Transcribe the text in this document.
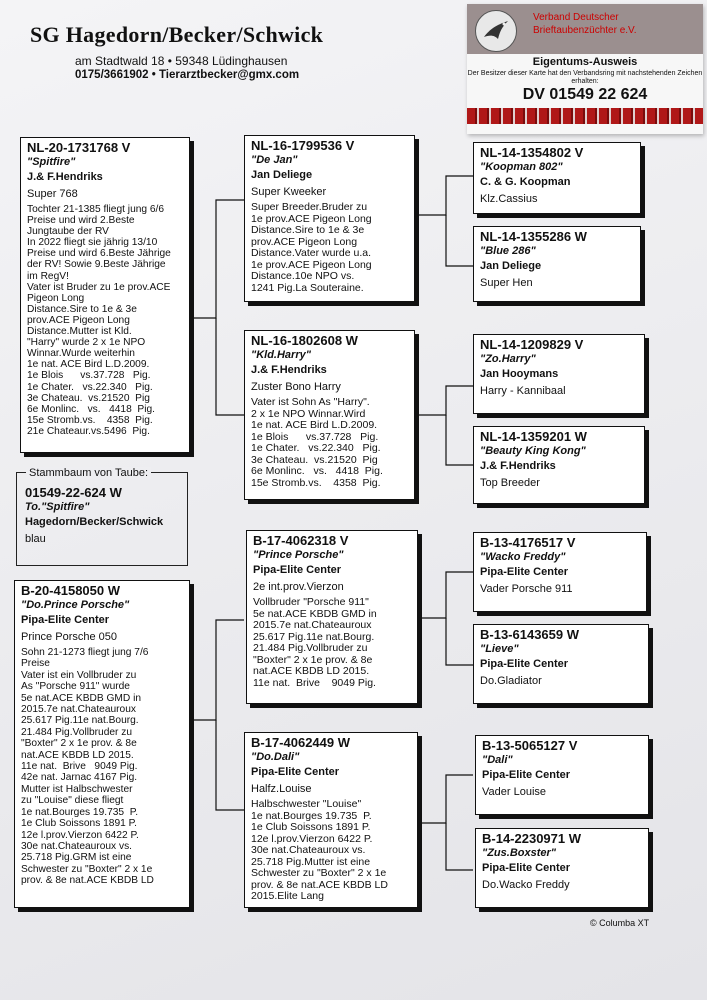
SG Hagedorn/Becker/Schwick
am Stadtwald 18 • 59348 Lüdinghausen
0175/3661902 • Tierarztbecker@gmx.com
Verband Deutscher Brieftaubenzüchter e.V.
Eigentums-Ausweis
Der Besitzer dieser Karte hat den Verbandsring mit nachstehenden Zeichen erhalten:
DV 01549 22 624
NL-20-1731768 V
"Spitfire"
J.& F.Hendriks
Super 768
Tochter 21-1385 fliegt jung 6/6
Preise und wird 2.Beste
Jungtaube der RV
In 2022 fliegt sie jährig 13/10
Preise und wird 6.Beste Jährige
der RV! Sowie 9.Beste Jährige
im RegV!
Vater ist Bruder zu 1e prov.ACE
Pigeon Long
Distance.Sire to 1e & 3e
prov.ACE Pigeon Long
Distance.Mutter ist Kld.
"Harry" wurde 2 x 1e NPO
Winnar.Wurde weiterhin
1e nat. ACE Bird L.D.2009.
1e Blois      vs.37.728   Pig.
1e Chater.   vs.22.340   Pig.
3e Chateau.  vs.21520  Pig
6e Monlinc.   vs.   4418  Pig.
15e Stromb.vs.    4358  Pig.
21e Chateaur.vs.5496  Pig.
01549-22-624 W
To."Spitfire"
Hagedorn/Becker/Schwick
blau
Stammbaum von Taube:
B-20-4158050 W
"Do.Prince Porsche"
Pipa-Elite Center
Prince Porsche 050
Sohn 21-1273 fliegt jung 7/6
Preise
Vater ist ein Vollbruder zu
As "Porsche 911" wurde
5e nat.ACE KBDB GMD in
2015.7e nat.Chateauroux
25.617 Pig.11e nat.Bourg.
21.484 Pig.Vollbruder zu
"Boxter" 2 x 1e prov. & 8e
nat.ACE KBDB LD 2015.
11e nat.  Brive   9049 Pig.
42e nat. Jarnac 4167 Pig.
Mutter ist Halbschwester
zu "Louise" diese fliegt
1e nat.Bourges 19.735  P.
1e Club Soissons 1891 P.
12e l.prov.Vierzon 6422 P.
30e nat.Chateauroux vs.
25.718 Pig.GRM ist eine
Schwester zu "Boxter" 2 x 1e
prov. & 8e nat.ACE KBDB LD
NL-16-1799536 V
"De Jan"
Jan Deliege
Super Kweeker
Super Breeder.Bruder zu
1e prov.ACE Pigeon Long
Distance.Sire to 1e & 3e
prov.ACE Pigeon Long
Distance.Vater wurde u.a.
1e prov.ACE Pigeon Long
Distance.10e NPO vs.
1241 Pig.La Souteraine.
NL-16-1802608 W
"Kld.Harry"
J.& F.Hendriks
Zuster Bono Harry
Vater ist Sohn As "Harry".
2 x 1e NPO Winnar.Wird
1e nat. ACE Bird L.D.2009.
1e Blois      vs.37.728   Pig.
1e Chater.   vs.22.340   Pig.
3e Chateau.  vs.21520  Pig
6e Monlinc.   vs.   4418  Pig.
15e Stromb.vs.    4358  Pig.
B-17-4062318 V
"Prince Porsche"
Pipa-Elite Center
2e int.prov.Vierzon
Vollbruder "Porsche 911"
5e nat.ACE KBDB GMD in
2015.7e nat.Chateauroux
25.617 Pig.11e nat.Bourg.
21.484 Pig.Vollbruder zu
"Boxter" 2 x 1e prov. & 8e
nat.ACE KBDB LD 2015.
11e nat.  Brive    9049 Pig.
B-17-4062449 W
"Do.Dali"
Pipa-Elite Center
Halfz.Louise
Halbschwester "Louise"
1e nat.Bourges 19.735  P.
1e Club Soissons 1891 P.
12e l.prov.Vierzon 6422 P.
30e nat.Chateauroux vs.
25.718 Pig.Mutter ist eine
Schwester zu "Boxter" 2 x 1e
prov. & 8e nat.ACE KBDB LD
2015.Elite Lang
NL-14-1354802 V
"Koopman 802"
C. & G. Koopman
Klz.Cassius
NL-14-1355286 W
"Blue 286"
Jan Deliege
Super Hen
NL-14-1209829 V
"Zo.Harry"
Jan Hooymans
Harry - Kannibaal
NL-14-1359201 W
"Beauty King Kong"
J.& F.Hendriks
Top Breeder
B-13-4176517 V
"Wacko Freddy"
Pipa-Elite Center
Vader Porsche 911
B-13-6143659 W
"Lieve"
Pipa-Elite Center
Do.Gladiator
B-13-5065127 V
"Dali"
Pipa-Elite Center
Vader Louise
B-14-2230971 W
"Zus.Boxster"
Pipa-Elite Center
Do.Wacko Freddy
© Columba XT
